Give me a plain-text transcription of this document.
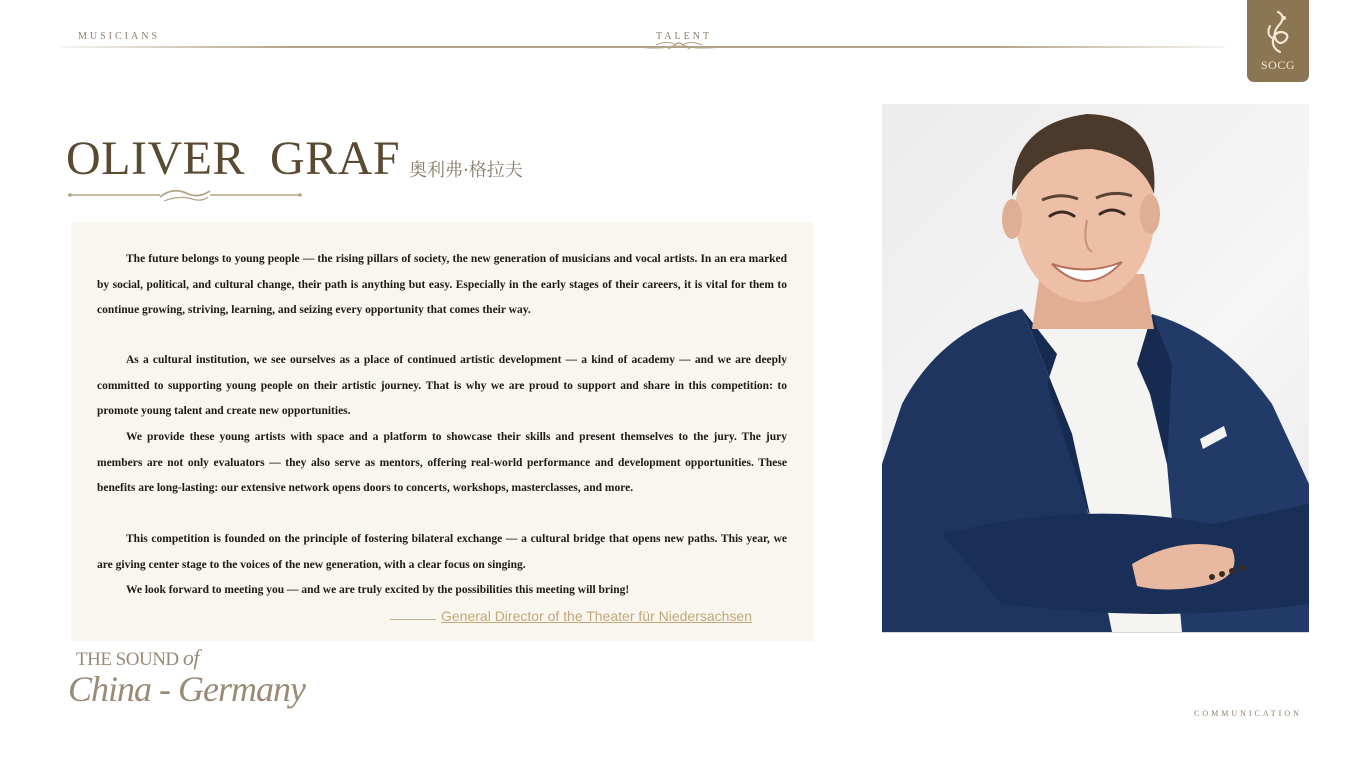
MUSICIANS	TALENT
SOCG
OLIVER  GRAF 奥利弗·格拉夫

The future belongs to young people — the rising pillars of society, the new generation of musicians and vocal artists. In an era marked by social, political, and cultural change, their path is anything but easy. Especially in the early stages of their careers, it is vital for them to continue growing, striving, learning, and seizing every opportunity that comes their way.

As a cultural institution, we see ourselves as a place of continued artistic development — a kind of academy — and we are deeply committed to supporting young people on their artistic journey. That is why we are proud to support and share in this competition: to promote young talent and create new opportunities.

We provide these young artists with space and a platform to showcase their skills and present themselves to the jury. The jury members are not only evaluators — they also serve as mentors, offering real-world performance and development opportunities. These benefits are long-lasting: our extensive network opens doors to concerts, workshops, masterclasses, and more.

This competition is founded on the principle of fostering bilateral exchange — a cultural bridge that opens new paths. This year, we are giving center stage to the voices of the new generation, with a clear focus on singing.

We look forward to meeting you — and we are truly excited by the possibilities this meeting will bring!

General Director of the Theater für Niedersachsen
THE SOUND of
China - Germany
COMMUNICATION
